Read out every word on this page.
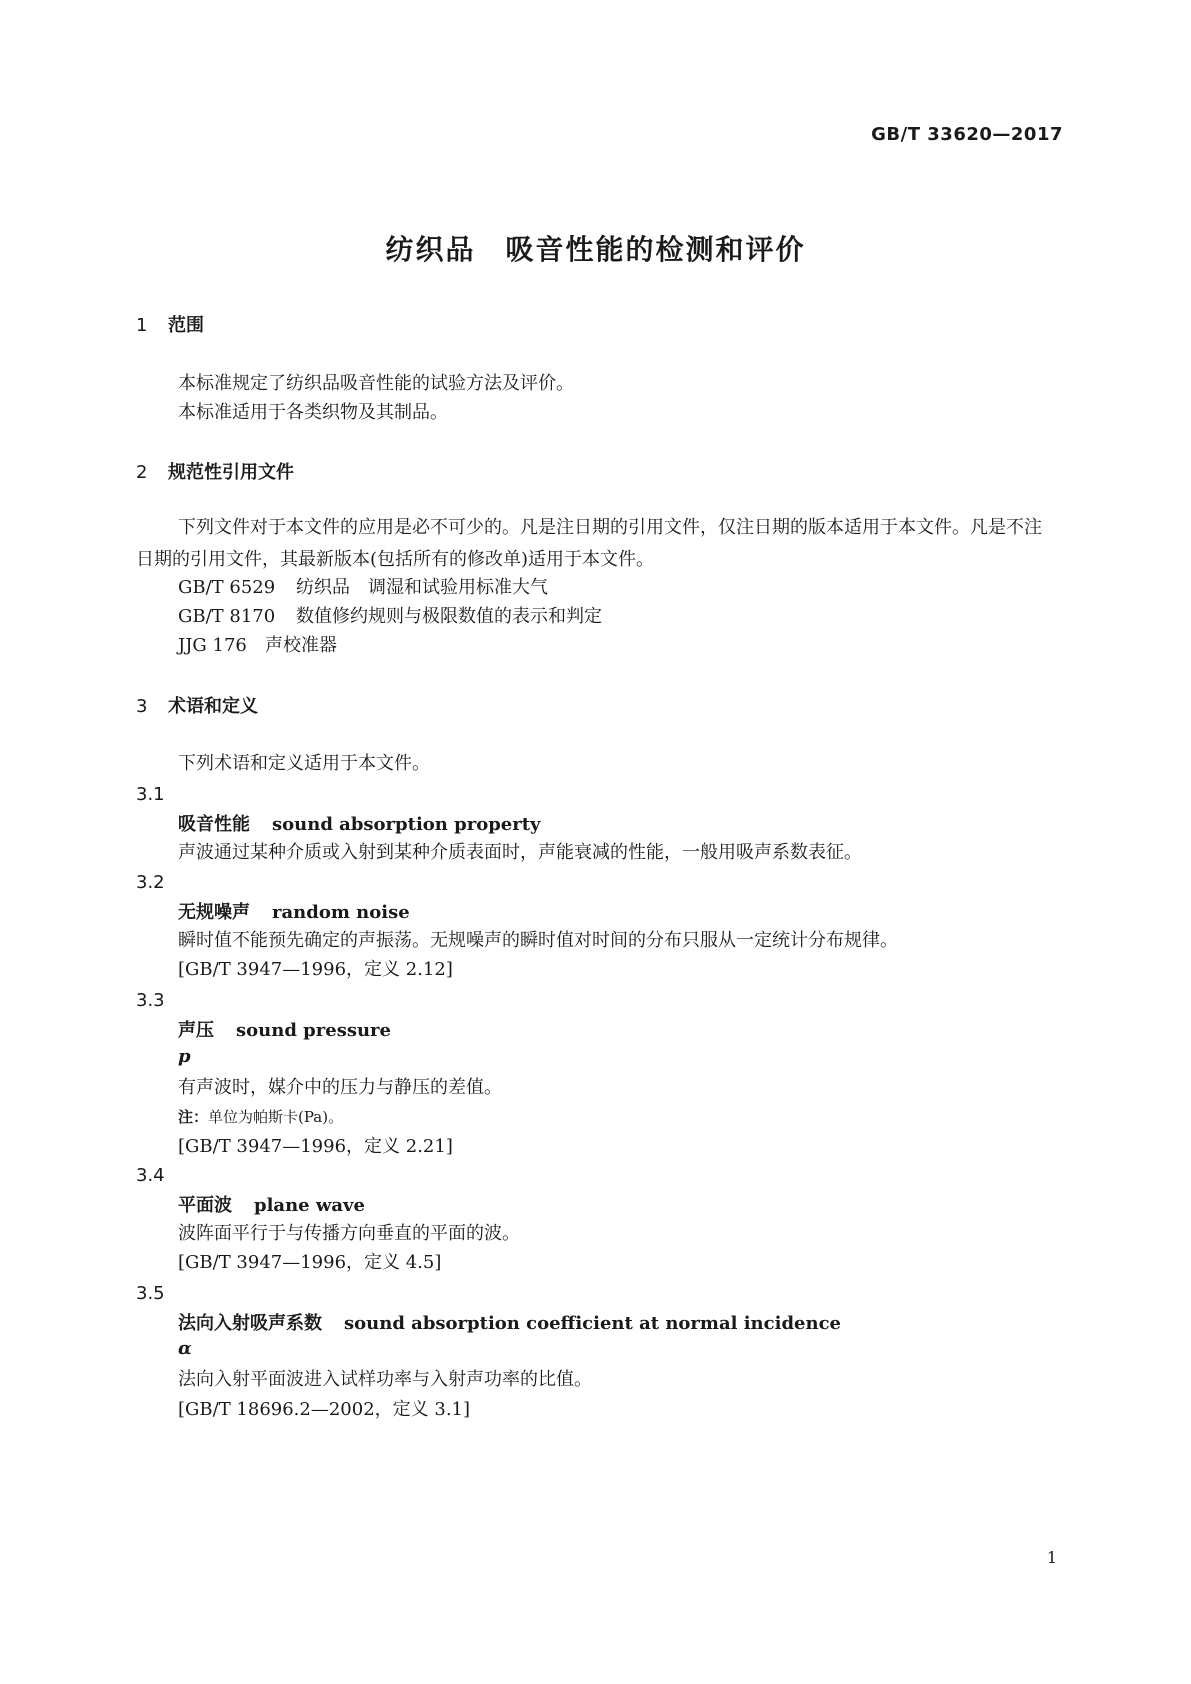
GB/T 33620—2017
纺织品　吸音性能的检测和评价
1 范围
本标准规定了纺织品吸音性能的试验方法及评价。
本标准适用于各类织物及其制品。
2 规范性引用文件
下列文件对于本文件的应用是必不可少的。凡是注日期的引用文件，仅注日期的版本适用于本文件。凡是不注日期的引用文件，其最新版本(包括所有的修改单)适用于本文件。
GB/T 6529 纺织品　调湿和试验用标准大气
GB/T 8170 数值修约规则与极限数值的表示和判定
JJG 176 声校准器
3 术语和定义
下列术语和定义适用于本文件。
3.1
吸音性能 sound absorption property
声波通过某种介质或入射到某种介质表面时，声能衰减的性能，一般用吸声系数表征。
3.2
无规噪声 random noise
瞬时值不能预先确定的声振荡。无规噪声的瞬时值对时间的分布只服从一定统计分布规律。
[GB/T 3947—1996，定义 2.12]
3.3
声压 sound pressure
p
有声波时，媒介中的压力与静压的差值。
注：单位为帕斯卡(Pa)。
[GB/T 3947—1996，定义 2.21]
3.4
平面波 plane wave
波阵面平行于与传播方向垂直的平面的波。
[GB/T 3947—1996，定义 4.5]
3.5
法向入射吸声系数 sound absorption coefficient at normal incidence
α
法向入射平面波进入试样功率与入射声功率的比值。
[GB/T 18696.2—2002，定义 3.1]
1
